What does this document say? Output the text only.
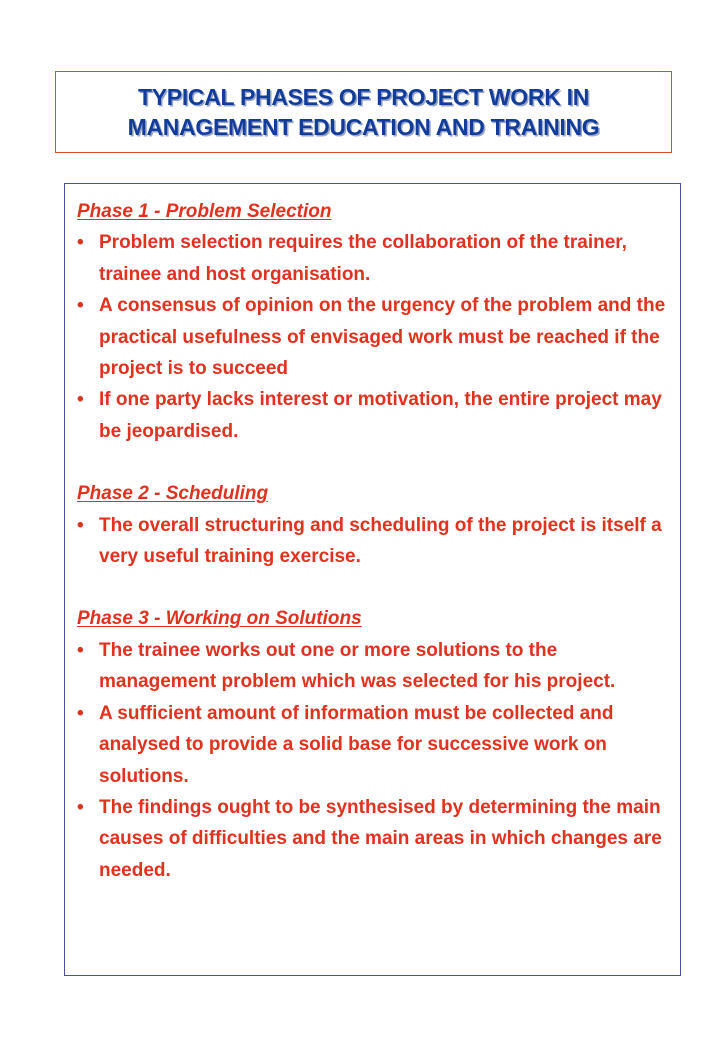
TYPICAL PHASES OF PROJECT WORK IN
MANAGEMENT EDUCATION AND TRAINING

Phase 1 - Problem Selection

• Problem selection requires the collaboration of the trainer, trainee and host organisation.
• A consensus of opinion on the urgency of the problem and the practical usefulness of envisaged work must be reached if the project is to succeed
• If one party lacks interest or motivation, the entire project may be jeopardised.

Phase 2 - Scheduling

• The overall structuring and scheduling of the project is itself a very useful training exercise.

Phase 3 - Working on Solutions

• The trainee works out one or more solutions to the management problem which was selected for his project.
• A sufficient amount of information must be collected and analysed to provide a solid base for successive work on solutions.
• The findings ought to be synthesised by determining the main causes of difficulties and the main areas in which changes are needed.
